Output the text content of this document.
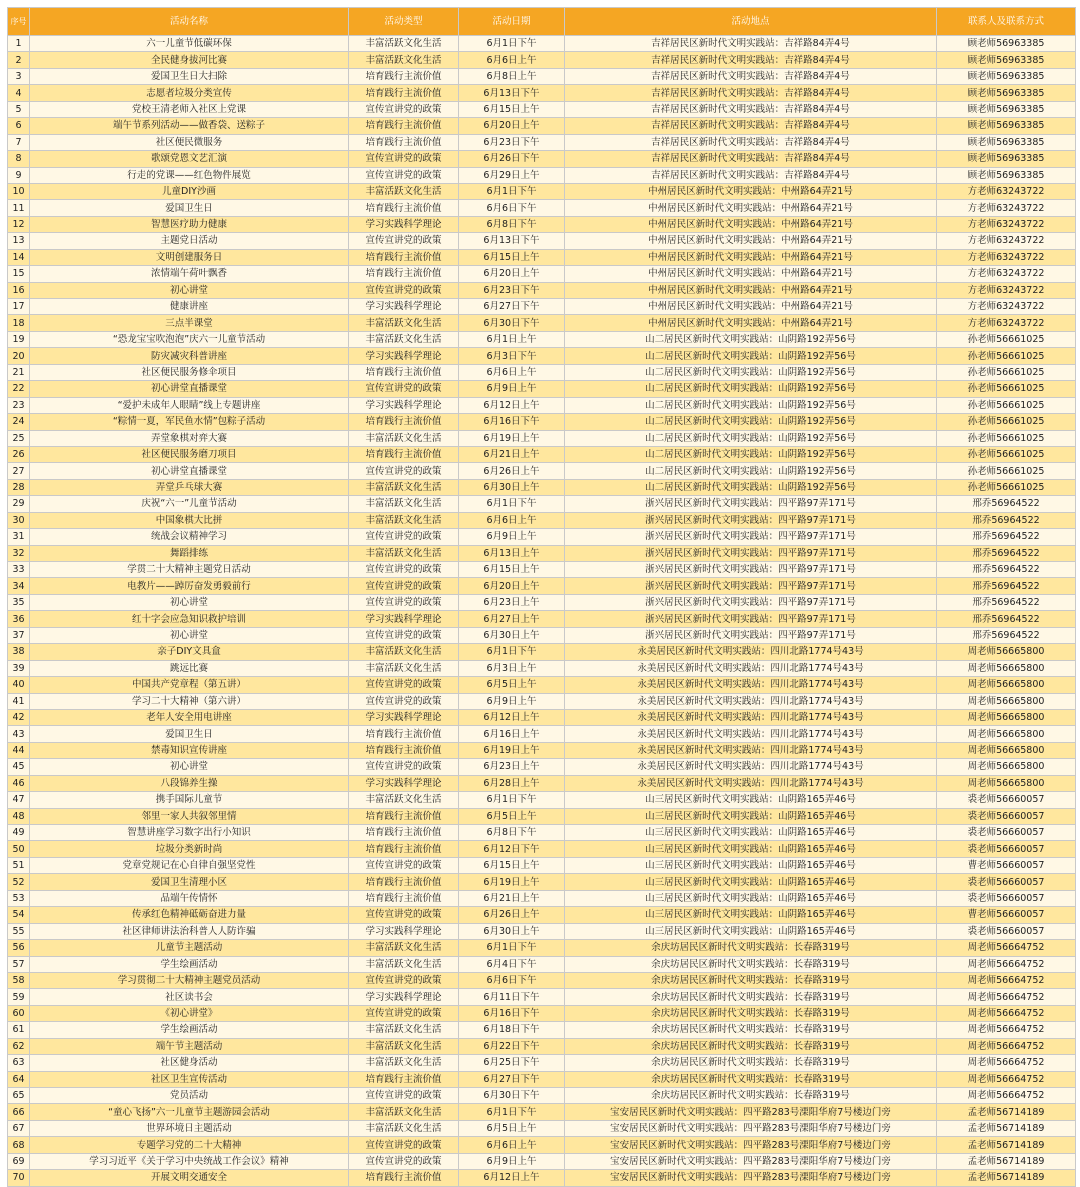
序号	活动名称	活动类型	活动日期	活动地点	联系人及联系方式
1	六一儿童节低碳环保	丰富活跃文化生活	6月1日下午	吉祥居民区新时代文明实践站：吉祥路84弄4号	顾老师56963385
2	全民健身拔河比赛	丰富活跃文化生活	6月6日上午	吉祥居民区新时代文明实践站：吉祥路84弄4号	顾老师56963385
3	爱国卫生日大扫除	培育践行主流价值	6月8日上午	吉祥居民区新时代文明实践站：吉祥路84弄4号	顾老师56963385
4	志愿者垃圾分类宣传	培育践行主流价值	6月13日下午	吉祥居民区新时代文明实践站：吉祥路84弄4号	顾老师56963385
5	党校王清老师入社区上党课	宣传宣讲党的政策	6月15日上午	吉祥居民区新时代文明实践站：吉祥路84弄4号	顾老师56963385
6	端午节系列活动——做香袋、送粽子	培育践行主流价值	6月20日上午	吉祥居民区新时代文明实践站：吉祥路84弄4号	顾老师56963385
7	社区便民微服务	培育践行主流价值	6月23日下午	吉祥居民区新时代文明实践站：吉祥路84弄4号	顾老师56963385
8	歌颂党恩文艺汇演	宣传宣讲党的政策	6月26日下午	吉祥居民区新时代文明实践站：吉祥路84弄4号	顾老师56963385
9	行走的党课——红色物件展览	宣传宣讲党的政策	6月29日上午	吉祥居民区新时代文明实践站：吉祥路84弄4号	顾老师56963385
10	儿童DIY沙画	丰富活跃文化生活	6月1日下午	中州居民区新时代文明实践站：中州路64弄21号	方老师63243722
11	爱国卫生日	培育践行主流价值	6月6日下午	中州居民区新时代文明实践站：中州路64弄21号	方老师63243722
12	智慧医疗助力健康	学习实践科学理论	6月8日下午	中州居民区新时代文明实践站：中州路64弄21号	方老师63243722
13	主题党日活动	宣传宣讲党的政策	6月13日下午	中州居民区新时代文明实践站：中州路64弄21号	方老师63243722
14	文明创建服务日	培育践行主流价值	6月15日上午	中州居民区新时代文明实践站：中州路64弄21号	方老师63243722
15	浓情端午荷叶飘香	培育践行主流价值	6月20日上午	中州居民区新时代文明实践站：中州路64弄21号	方老师63243722
16	初心讲堂	宣传宣讲党的政策	6月23日下午	中州居民区新时代文明实践站：中州路64弄21号	方老师63243722
17	健康讲座	学习实践科学理论	6月27日下午	中州居民区新时代文明实践站：中州路64弄21号	方老师63243722
18	三点半课堂	丰富活跃文化生活	6月30日下午	中州居民区新时代文明实践站：中州路64弄21号	方老师63243722
19	“恐龙宝宝吹泡泡”庆六一儿童节活动	丰富活跃文化生活	6月1日上午	山二居民区新时代文明实践站：山阴路192弄56号	孙老师56661025
20	防灾减灾科普讲座	学习实践科学理论	6月3日下午	山二居民区新时代文明实践站：山阴路192弄56号	孙老师56661025
21	社区便民服务修伞项目	培育践行主流价值	6月6日上午	山二居民区新时代文明实践站：山阴路192弄56号	孙老师56661025
22	初心讲堂直播课堂	宣传宣讲党的政策	6月9日上午	山二居民区新时代文明实践站：山阴路192弄56号	孙老师56661025
23	“爱护未成年人眼睛”线上专题讲座	学习实践科学理论	6月12日上午	山二居民区新时代文明实践站：山阴路192弄56号	孙老师56661025
24	“粽情一夏，军民鱼水情”包粽子活动	培育践行主流价值	6月16日下午	山二居民区新时代文明实践站：山阴路192弄56号	孙老师56661025
25	弄堂象棋对弈大赛	丰富活跃文化生活	6月19日上午	山二居民区新时代文明实践站：山阴路192弄56号	孙老师56661025
26	社区便民服务磨刀项目	培育践行主流价值	6月21日上午	山二居民区新时代文明实践站：山阴路192弄56号	孙老师56661025
27	初心讲堂直播课堂	宣传宣讲党的政策	6月26日上午	山二居民区新时代文明实践站：山阴路192弄56号	孙老师56661025
28	弄堂乒乓球大赛	丰富活跃文化生活	6月30日上午	山二居民区新时代文明实践站：山阴路192弄56号	孙老师56661025
29	庆祝“六一”儿童节活动	丰富活跃文化生活	6月1日下午	浙兴居民区新时代文明实践站：四平路97弄171号	邢乔56964522
30	中国象棋大比拼	丰富活跃文化生活	6月6日上午	浙兴居民区新时代文明实践站：四平路97弄171号	邢乔56964522
31	统战会议精神学习	宣传宣讲党的政策	6月9日上午	浙兴居民区新时代文明实践站：四平路97弄171号	邢乔56964522
32	舞蹈排练	丰富活跃文化生活	6月13日上午	浙兴居民区新时代文明实践站：四平路97弄171号	邢乔56964522
33	学贯二十大精神主题党日活动	宣传宣讲党的政策	6月15日上午	浙兴居民区新时代文明实践站：四平路97弄171号	邢乔56964522
34	电教片——踔厉奋发勇毅前行	宣传宣讲党的政策	6月20日上午	浙兴居民区新时代文明实践站：四平路97弄171号	邢乔56964522
35	初心讲堂	宣传宣讲党的政策	6月23日上午	浙兴居民区新时代文明实践站：四平路97弄171号	邢乔56964522
36	红十字会应急知识救护培训	学习实践科学理论	6月27日上午	浙兴居民区新时代文明实践站：四平路97弄171号	邢乔56964522
37	初心讲堂	宣传宣讲党的政策	6月30日上午	浙兴居民区新时代文明实践站：四平路97弄171号	邢乔56964522
38	亲子DIY文具盒	丰富活跃文化生活	6月1日下午	永美居民区新时代文明实践站：四川北路1774号43号	周老师56665800
39	跳远比赛	丰富活跃文化生活	6月3日上午	永美居民区新时代文明实践站：四川北路1774号43号	周老师56665800
40	中国共产党章程（第五讲）	宣传宣讲党的政策	6月5日上午	永美居民区新时代文明实践站：四川北路1774号43号	周老师56665800
41	学习二十大精神（第六讲）	宣传宣讲党的政策	6月9日上午	永美居民区新时代文明实践站：四川北路1774号43号	周老师56665800
42	老年人安全用电讲座	学习实践科学理论	6月12日上午	永美居民区新时代文明实践站：四川北路1774号43号	周老师56665800
43	爱国卫生日	培育践行主流价值	6月16日上午	永美居民区新时代文明实践站：四川北路1774号43号	周老师56665800
44	禁毒知识宣传讲座	培育践行主流价值	6月19日上午	永美居民区新时代文明实践站：四川北路1774号43号	周老师56665800
45	初心讲堂	宣传宣讲党的政策	6月23日上午	永美居民区新时代文明实践站：四川北路1774号43号	周老师56665800
46	八段锦养生操	学习实践科学理论	6月28日上午	永美居民区新时代文明实践站：四川北路1774号43号	周老师56665800
47	携手国际儿童节	丰富活跃文化生活	6月1日下午	山三居民区新时代文明实践站：山阴路165弄46号	裘老师56660057
48	邻里一家人共叙邻里情	培育践行主流价值	6月5日上午	山三居民区新时代文明实践站：山阴路165弄46号	裘老师56660057
49	智慧讲座学习数字出行小知识	培育践行主流价值	6月8日下午	山三居民区新时代文明实践站：山阴路165弄46号	裘老师56660057
50	垃圾分类新时尚	培育践行主流价值	6月12日下午	山三居民区新时代文明实践站：山阴路165弄46号	裘老师56660057
51	党章党规记在心自律自强坚党性	宣传宣讲党的政策	6月15日上午	山三居民区新时代文明实践站：山阴路165弄46号	曹老师56660057
52	爱国卫生清理小区	培育践行主流价值	6月19日上午	山三居民区新时代文明实践站：山阴路165弄46号	裘老师56660057
53	品端午传情怀	培育践行主流价值	6月21日上午	山三居民区新时代文明实践站：山阴路165弄46号	裘老师56660057
54	传承红色精神砥砺奋进力量	宣传宣讲党的政策	6月26日上午	山三居民区新时代文明实践站：山阴路165弄46号	曹老师56660057
55	社区律师讲法治科普人人防诈骗	学习实践科学理论	6月30日上午	山三居民区新时代文明实践站：山阴路165弄46号	裘老师56660057
56	儿童节主题活动	丰富活跃文化生活	6月1日下午	余庆坊居民区新时代文明实践站：长春路319号	周老师56664752
57	学生绘画活动	丰富活跃文化生活	6月4日下午	余庆坊居民区新时代文明实践站：长春路319号	周老师56664752
58	学习贯彻二十大精神主题党员活动	宣传宣讲党的政策	6月6日下午	余庆坊居民区新时代文明实践站：长春路319号	周老师56664752
59	社区读书会	学习实践科学理论	6月11日下午	余庆坊居民区新时代文明实践站：长春路319号	周老师56664752
60	《初心讲堂》	宣传宣讲党的政策	6月16日下午	余庆坊居民区新时代文明实践站：长春路319号	周老师56664752
61	学生绘画活动	丰富活跃文化生活	6月18日下午	余庆坊居民区新时代文明实践站：长春路319号	周老师56664752
62	端午节主题活动	丰富活跃文化生活	6月22日下午	余庆坊居民区新时代文明实践站：长春路319号	周老师56664752
63	社区健身活动	丰富活跃文化生活	6月25日下午	余庆坊居民区新时代文明实践站：长春路319号	周老师56664752
64	社区卫生宣传活动	培育践行主流价值	6月27日下午	余庆坊居民区新时代文明实践站：长春路319号	周老师56664752
65	党员活动	宣传宣讲党的政策	6月30日下午	余庆坊居民区新时代文明实践站：长春路319号	周老师56664752
66	“童心飞扬”六一儿童节主题游园会活动	丰富活跃文化生活	6月1日下午	宝安居民区新时代文明实践站：四平路283号溧阳华府7号楼边门旁	孟老师56714189
67	世界环境日主题活动	丰富活跃文化生活	6月5日上午	宝安居民区新时代文明实践站：四平路283号溧阳华府7号楼边门旁	孟老师56714189
68	专题学习党的二十大精神	宣传宣讲党的政策	6月6日上午	宝安居民区新时代文明实践站：四平路283号溧阳华府7号楼边门旁	孟老师56714189
69	学习习近平《关于学习中央统战工作会议》精神	宣传宣讲党的政策	6月9日上午	宝安居民区新时代文明实践站：四平路283号溧阳华府7号楼边门旁	孟老师56714189
70	开展文明交通安全	培育践行主流价值	6月12日上午	宝安居民区新时代文明实践站：四平路283号溧阳华府7号楼边门旁	孟老师56714189
